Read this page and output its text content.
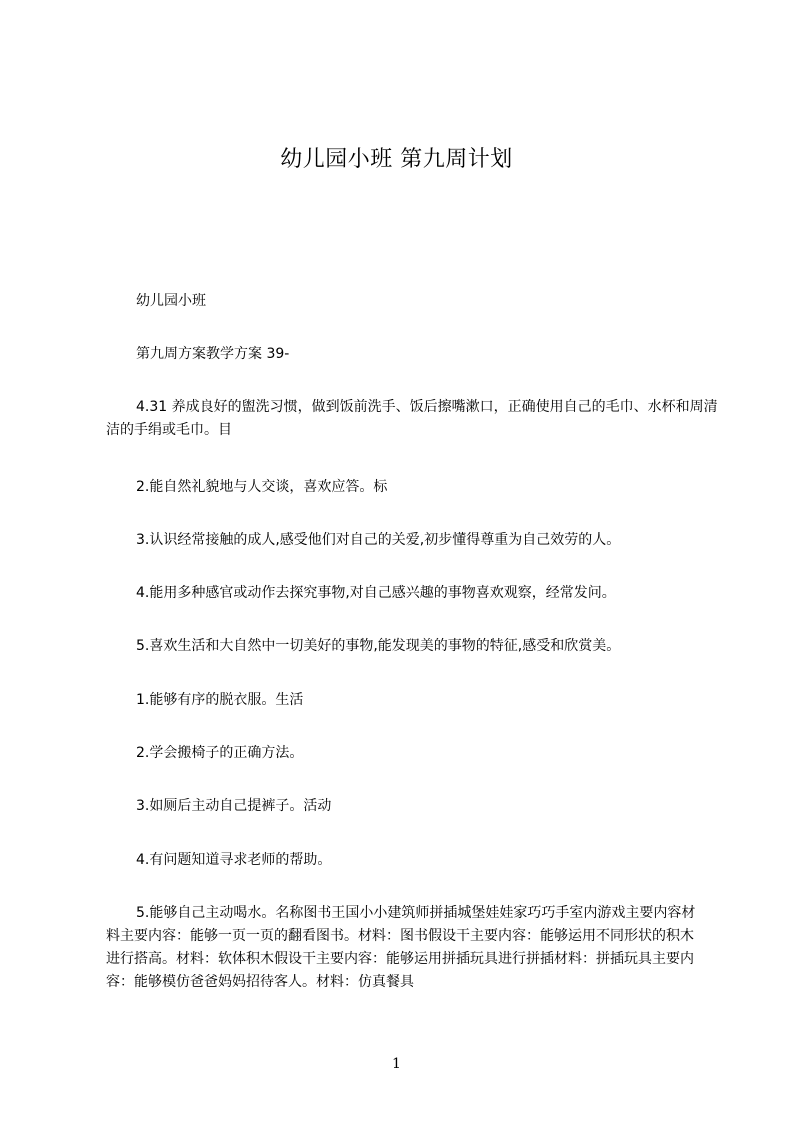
幼儿园小班 第九周计划
幼儿园小班
第九周方案教学方案 39-
4.31 养成良好的盥洗习惯，做到饭前洗手、饭后擦嘴漱口，正确使用自己的毛巾、水杯和周清洁的手绢或毛巾。目
2.能自然礼貌地与人交谈，喜欢应答。标
3.认识经常接触的成人,感受他们对自己的关爱,初步懂得尊重为自己效劳的人。
4.能用多种感官或动作去探究事物,对自己感兴趣的事物喜欢观察，经常发问。
5.喜欢生活和大自然中一切美好的事物,能发现美的事物的特征,感受和欣赏美。
1.能够有序的脱衣服。生活
2.学会搬椅子的正确方法。
3.如厕后主动自己提裤子。活动
4.有问题知道寻求老师的帮助。
5.能够自己主动喝水。名称图书王国小小建筑师拼插城堡娃娃家巧巧手室内游戏主要内容材料主要内容：能够一页一页的翻看图书。材料：图书假设干主要内容：能够运用不同形状的积木进行搭高。材料：软体积木假设干主要内容：能够运用拼插玩具进行拼插材料：拼插玩具主要内容：能够模仿爸爸妈妈招待客人。材料：仿真餐具
1
